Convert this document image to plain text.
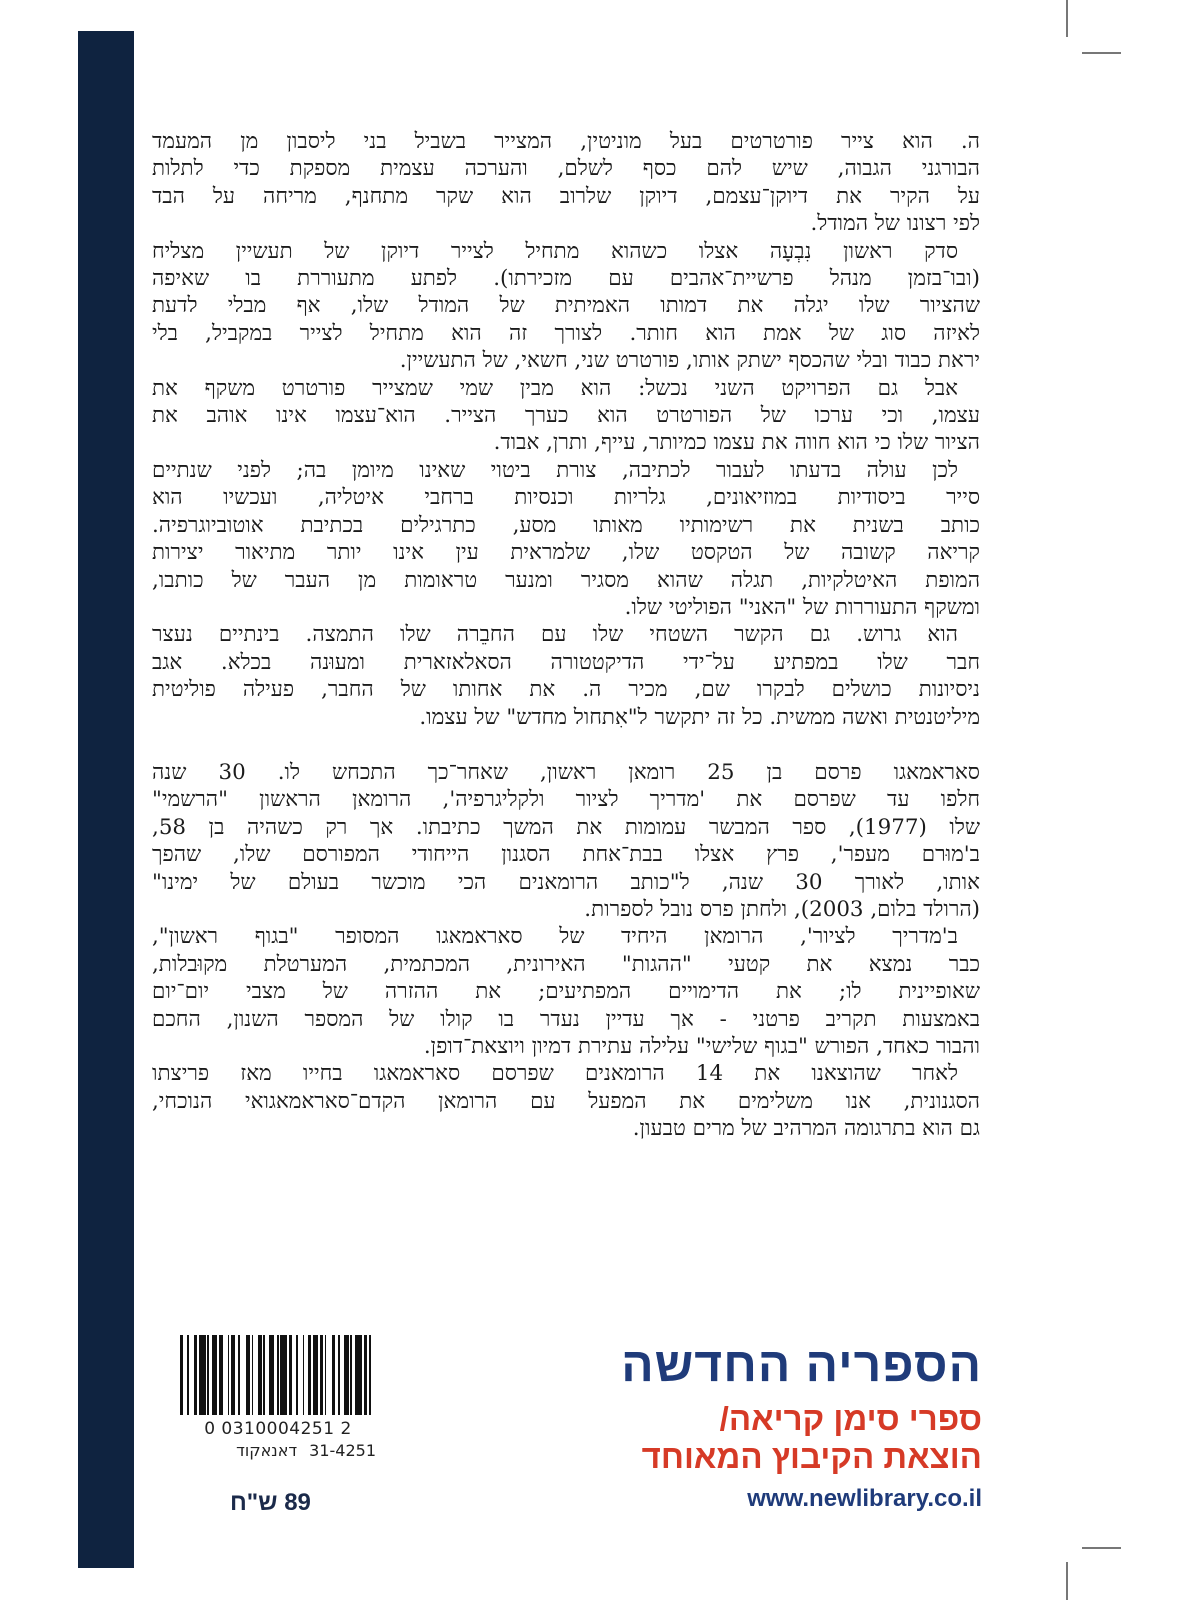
ה. הוא צייר פורטרטים בעל מוניטין, המצייר בשביל בני ליסבון מן המעמד
הבורגני הגבוה, שיש להם כסף לשלם, והערכה עצמית מספקת כדי לתלות
על הקיר את דיוקן־עצמם, דיוקן שלרוב הוא שקר מתחנף, מריחה על הבד
לפי רצונו של המודל.
סדק ראשון נִבְעָה אצלו כשהוא מתחיל לצייר דיוקן של תעשיין מצליח
(ובו־בזמן מנהל פרשיית־אהבים עם מזכירתו). לפתע מתעוררת בו שאיפה
שהציור שלו יגלה את דמותו האמיתית של המודל שלו, אף מבלי לדעת
לאיזה סוג של אמת הוא חותר. לצורך זה הוא מתחיל לצייר במקביל, בלי
יראת כבוד ובלי שהכסף ישתק אותו, פורטרט שני, חשאי, של התעשיין.
אבל גם הפרויקט השני נכשל: הוא מבין שמי שמצייר פורטרט משקף את
עצמו, וכי ערכו של הפורטרט הוא כערך הצייר. הוא־עצמו אינו אוהב את
הציור שלו כי הוא חווה את עצמו כמיותר, עייף, ותרן, אבוד.
לכן עולה בדעתו לעבור לכתיבה, צורת ביטוי שאינו מיומן בה; לפני שנתיים
סייר ביסודיות במוזיאונים, גלריות וכנסיות ברחבי איטליה, ועכשיו הוא
כותב בשנית את רשימותיו מאותו מסע, כתרגילים בכתיבת אוטוביוגרפיה.
קריאה קשובה של הטקסט שלו, שלמראית עין אינו יותר מתיאור יצירות
המופת האיטלקיות, תגלה שהוא מסגיר ומנער טראומות מן העבר של כותבו,
ומשקף התעוררות של "האני" הפוליטי שלו.
הוא גרוש. גם הקשר השטחי שלו עם החבֵרה שלו התמצה. בינתיים נעצר
חבר שלו במפתיע על־ידי הדיקטטורה הסאלאזארית ומעוּנה בכלא. אגב
ניסיונות כושלים לבקרו שם, מכיר ה. את אחותו של החבר, פעילה פוליטית
מיליטנטית ואשה ממשית. כל זה יתקשר ל"אִתחול מחדש" של עצמו.
סאראמאגו פרסם בן 25 רומאן ראשון, שאחר־כך התכחש לו. 30 שנה
חלפו עד שפרסם את 'מדריך לציור ולקליגרפיה', הרומאן הראשון "הרשמי"
שלו (1977), ספר המבשר עמומות את המשך כתיבתו. אך רק כשהיה בן 58,
ב'מוּרם מעפר', פרץ אצלו בבת־אחת הסגנון הייחודי המפורסם שלו, שהפך
אותו, לאורך 30 שנה, ל"כותב הרומאנים הכי מוכשר בעולם של ימינו"
(הרולד בלום, 2003), ולחתן פרס נובל לספרות.
ב'מדריך לציור', הרומאן היחיד של סאראמאגו המסופר "בגוף ראשון",
כבר נמצא את קטעי "ההגות" האירונית, המכתמית, המערטלת מקוּבלות,
שאופיינית לו; את הדימויים המפתיעים; את ההזרה של מצבי יום־יום
באמצעות תקריב פרטני - אך עדיין נעדר בו קולו של המספר השנון, החכם
והבור כאחד, הפורש "בגוף שלישי" עלילה עתירת דמיון ויוצאת־דופן.
לאחר שהוצאנו את 14 הרומאנים שפרסם סאראמאגו בחייו מאז פריצתו
הסגנונית, אנו משלימים את המפעל עם הרומאן הקדם־סאראמאגואי הנוכחי,
גם הוא בתרגומה המרהיב של מרים טבעון.
0 0310004251 2
דאנאקוד 31-4251
89 ש"ח
הספריה החדשה
ספרי סימן קריאה/
הוצאת הקיבוץ המאוחד
www.newlibrary.co.il
